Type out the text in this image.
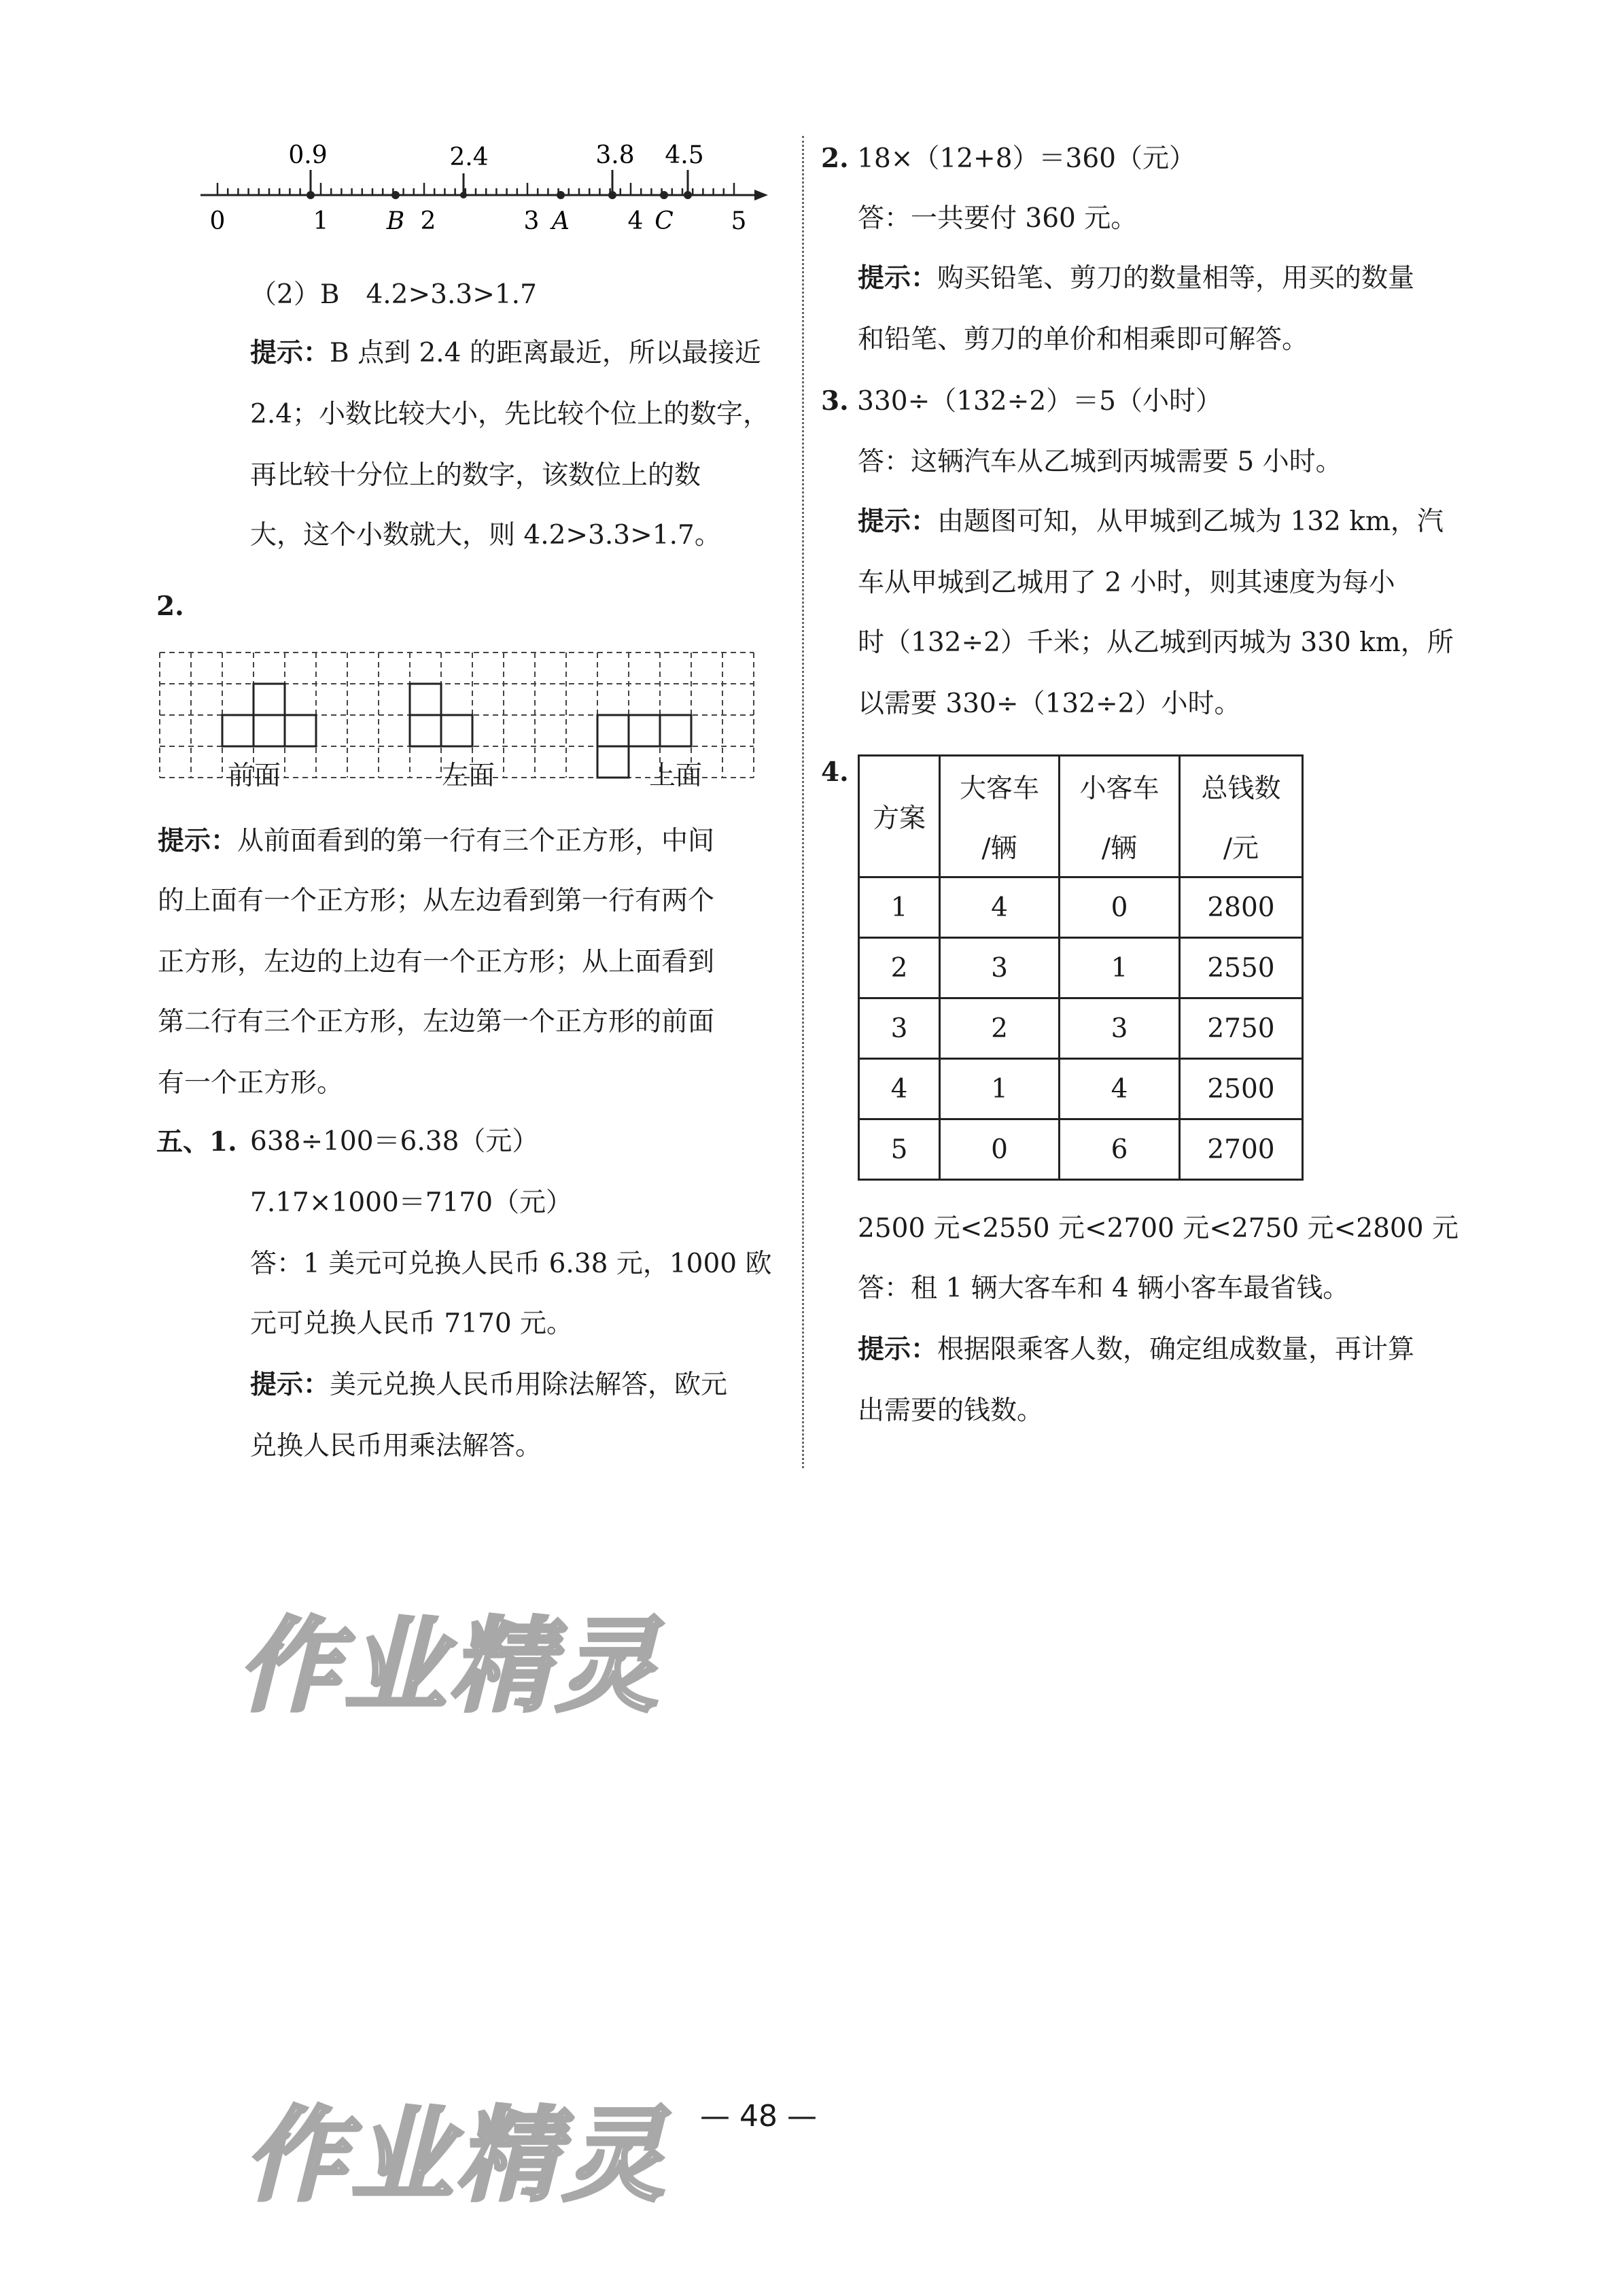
0.9	2.4	3.8 4.5
0	1 B 2	3 A 4 C 5
（2）B　4.2>3.3>1.7
提示：B 点到 2.4 的距离最近，所以最接近
2.4；小数比较大小，先比较个位上的数字，
再比较十分位上的数字，该数位上的数
大，这个小数就大，则 4.2>3.3>1.7。
2.
前面	左面	上面
提示：从前面看到的第一行有三个正方形，中间
的上面有一个正方形；从左边看到第一行有两个
正方形，左边的上边有一个正方形；从上面看到
第二行有三个正方形，左边第一个正方形的前面
有一个正方形。
五、1. 638÷100＝6.38（元）
7.17×1000＝7170（元）
答：1 美元可兑换人民币 6.38 元，1000 欧
元可兑换人民币 7170 元。
提示：美元兑换人民币用除法解答，欧元
兑换人民币用乘法解答。
2. 18×（12+8）＝360（元）
答：一共要付 360 元。
提示：购买铅笔、剪刀的数量相等，用买的数量
和铅笔、剪刀的单价和相乘即可解答。
3. 330÷（132÷2）＝5（小时）
答：这辆汽车从乙城到丙城需要 5 小时。
提示：由题图可知，从甲城到乙城为 132 km，汽
车从甲城到乙城用了 2 小时，则其速度为每小
时（132÷2）千米；从乙城到丙城为 330 km，所
以需要 330÷（132÷2）小时。
4.
方案	大客车	小客车	总钱数
	/辆	/辆	/元
1	4	0	2800
2	3	1	2550
3	2	3	2750
4	1	4	2500
5	0	6	2700
2500 元<2550 元<2700 元<2750 元<2800 元
答：租 1 辆大客车和 4 辆小客车最省钱。
提示：根据限乘客人数，确定组成数量，再计算
出需要的钱数。
作业精灵
作业精灵 — 48 —
